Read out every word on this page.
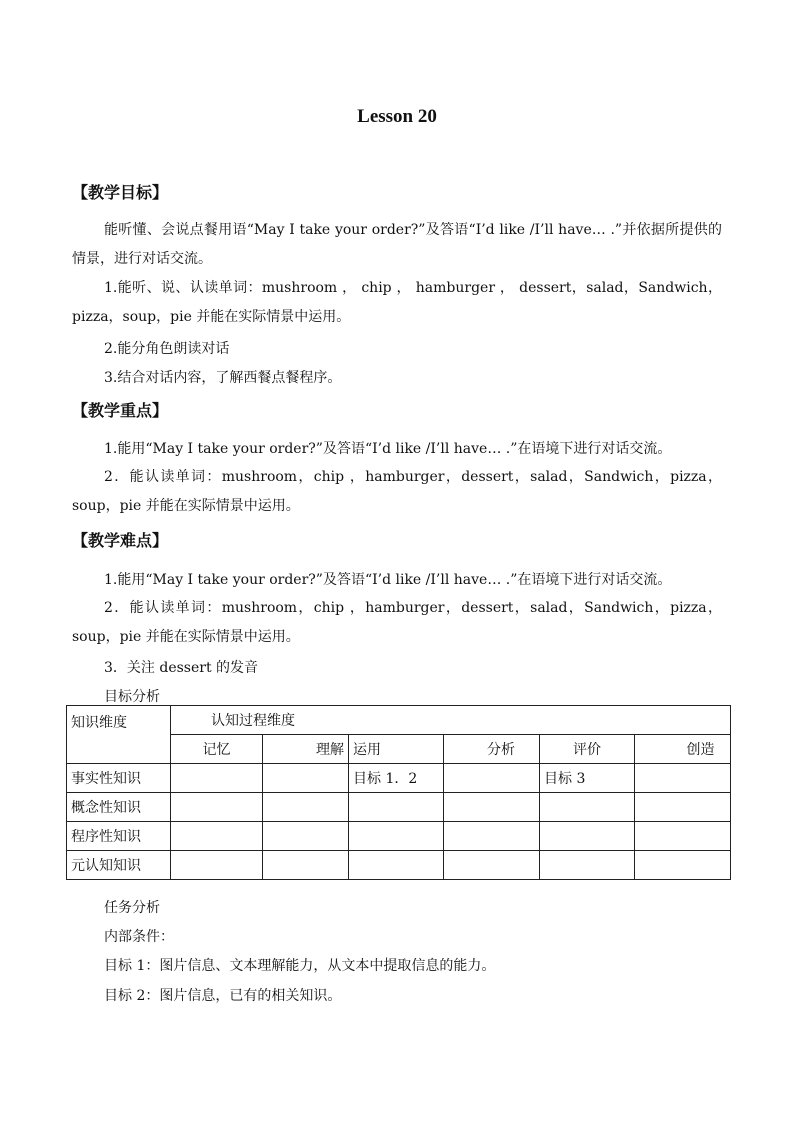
Lesson 20
【教学目标】
能听懂、会说点餐用语“May I take your order?”及答语“I’d like /I’ll have… .”并依据所提供的情景，进行对话交流。
1.能听、说、认读单词：mushroom ， chip ， hamburger ， dessert，salad，Sandwich，pizza，soup，pie 并能在实际情景中运用。
2.能分角色朗读对话
3.结合对话内容，了解西餐点餐程序。
【教学重点】
1.能用“May I take your order?”及答语“I’d like /I’ll have… .”在语境下进行对话交流。
2．能认读单词：mushroom，chip ，hamburger，dessert，salad，Sandwich，pizza，soup，pie 并能在实际情景中运用。
【教学难点】
1.能用“May I take your order?”及答语“I’d like /I’ll have… .”在语境下进行对话交流。
2．能认读单词：mushroom，chip ，hamburger，dessert，salad，Sandwich，pizza，soup，pie 并能在实际情景中运用。
3．关注 dessert 的发音
目标分析
知识维度	认知过程维度					
	记忆	理解	运用	分析	评价	创造
事实性知识			目标 1．2		目标 3	
概念性知识						
程序性知识						
元认知知识						
任务分析
内部条件：
目标 1：图片信息、文本理解能力，从文本中提取信息的能力。
目标 2：图片信息，已有的相关知识。
